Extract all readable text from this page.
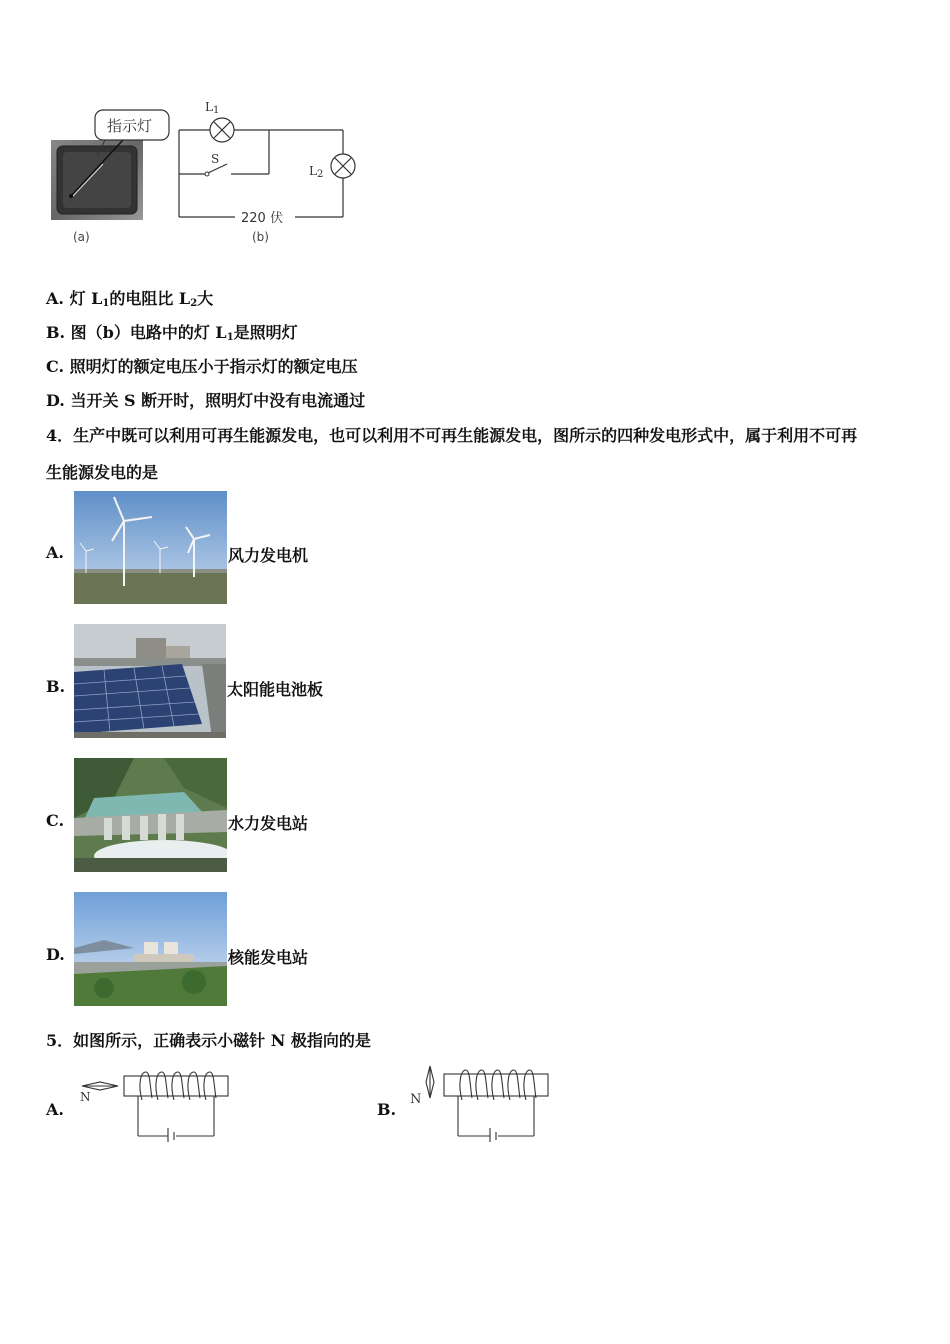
指示灯
$L_1$
S
$L_2$
220 伏
(a)	(b)
A. 灯 $L_1$的电阻比 $L_2$大
B. 图（b）电路中的灯 $L_1$是照明灯
C. 照明灯的额定电压小于指示灯的额定电压
D. 当开关 S 断开时，照明灯中没有电流通过
4．生产中既可以利用可再生能源发电，也可以利用不可再生能源发电，图所示的四种发电形式中，属于利用不可再
生能源发电的是
A.	风力发电机
B.	太阳能电池板
C.	水力发电站
D.	核能发电站
5．如图所示，正确表示小磁针 N 极指向的是
A.
N
B.
N
